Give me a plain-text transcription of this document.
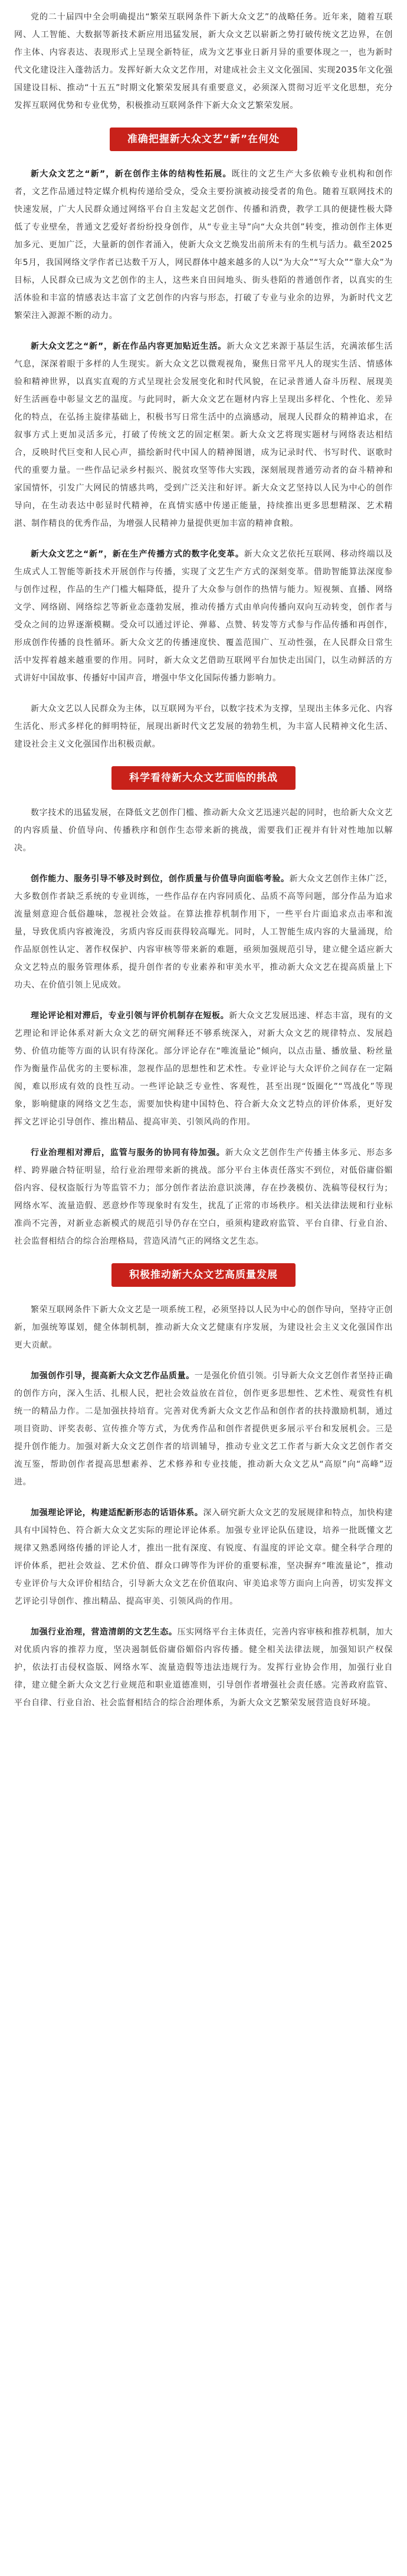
党的二十届四中全会明确提出“繁荣互联网条件下新大众文艺”的战略任务。近年来，随着互联网、人工智能、大数据等新技术新应用迅猛发展，新大众文艺以崭新之势打破传统文艺边界，在创作主体、内容表达、表现形式上呈现全新特征，成为文艺事业日新月异的重要体现之一，也为新时代文化建设注入蓬勃活力。发挥好新大众文艺作用，对建成社会主义文化强国、实现2035年文化强国建设目标、推动“十五五”时期文化繁荣发展具有重要意义，必须深入贯彻习近平文化思想，充分发挥互联网优势和专业优势，积极推动互联网条件下新大众文艺繁荣发展。

准确把握新大众文艺“新”在何处

新大众文艺之“新”，新在创作主体的结构性拓展。既往的文艺生产大多依赖专业机构和创作者，文艺作品通过特定媒介机构传递给受众，受众主要扮演被动接受者的角色。随着互联网技术的快速发展，广大人民群众通过网络平台自主发起文艺创作、传播和消费，教学工具的便捷性极大降低了专业壁垒，普通文艺爱好者纷纷投身创作，从“专业主导”向“大众共创”转变，推动创作主体更加多元、更加广泛，大量新的创作者涌入，使新大众文艺焕发出前所未有的生机与活力。截至2025年5月，我国网络文学作者已达数千万人，网民群体中越来越多的人以“为大众”“写大众”“靠大众”为目标，人民群众已成为文艺创作的主人，这些来自田间地头、街头巷陌的普通创作者，以真实的生活体验和丰富的情感表达丰富了文艺创作的内容与形态，打破了专业与业余的边界，为新时代文艺繁荣注入源源不断的动力。

新大众文艺之“新”，新在作品内容更加贴近生活。新大众文艺来源于基层生活，充满浓郁生活气息，深深着眼于多样的人生现实。新大众文艺以微观视角，聚焦日常平凡人的现实生活、情感体验和精神世界，以真实直观的方式呈现社会发展变化和时代风貌，在记录普通人奋斗历程、展现美好生活画卷中彰显文艺的温度。与此同时，新大众文艺在题材内容上呈现出多样化、个性化、差异化的特点，在弘扬主旋律基础上，积极书写日常生活中的点滴感动，展现人民群众的精神追求，在叙事方式上更加灵活多元，打破了传统文艺的固定框架。新大众文艺将现实题材与网络表达相结合，反映时代巨变和人民心声，描绘新时代中国人的精神图谱，成为记录时代、书写时代、讴歌时代的重要力量。一些作品记录乡村振兴、脱贫攻坚等伟大实践，深刻展现普通劳动者的奋斗精神和家国情怀，引发广大网民的情感共鸣，受到广泛关注和好评。新大众文艺坚持以人民为中心的创作导向，在生动表达中彰显时代精神，在真情实感中传递正能量，持续推出更多思想精深、艺术精湛、制作精良的优秀作品，为增强人民精神力量提供更加丰富的精神食粮。

新大众文艺之“新”，新在生产传播方式的数字化变革。新大众文艺依托互联网、移动终端以及生成式人工智能等新技术开展创作与传播，实现了文艺生产方式的深刻变革。借助智能算法深度参与创作过程，作品的生产门槛大幅降低，提升了大众参与创作的热情与能力。短视频、直播、网络文学、网络剧、网络综艺等新业态蓬勃发展，推动传播方式由单向传播向双向互动转变，创作者与受众之间的边界逐渐模糊。受众可以通过评论、弹幕、点赞、转发等方式参与作品传播和再创作，形成创作传播的良性循环。新大众文艺的传播速度快、覆盖范围广、互动性强，在人民群众日常生活中发挥着越来越重要的作用。同时，新大众文艺借助互联网平台加快走出国门，以生动鲜活的方式讲好中国故事、传播好中国声音，增强中华文化国际传播力影响力。

新大众文艺以人民群众为主体，以互联网为平台，以数字技术为支撑，呈现出主体多元化、内容生活化、形式多样化的鲜明特征，展现出新时代文艺发展的勃勃生机，为丰富人民精神文化生活、建设社会主义文化强国作出积极贡献。

科学看待新大众文艺面临的挑战

数字技术的迅猛发展，在降低文艺创作门槛、推动新大众文艺迅速兴起的同时，也给新大众文艺的内容质量、价值导向、传播秩序和创作生态带来新的挑战，需要我们正视并有针对性地加以解决。

创作能力、服务引导不够及时到位，创作质量与价值导向面临考验。新大众文艺创作主体广泛，大多数创作者缺乏系统的专业训练，一些作品存在内容同质化、品质不高等问题，部分作品为追求流量刻意迎合低俗趣味，忽视社会效益。在算法推荐机制作用下，一些平台片面追求点击率和流量，导致优质内容被淹没，劣质内容反而获得较高曝光。同时，人工智能生成内容的大量涌现，给作品原创性认定、著作权保护、内容审核等带来新的难题，亟须加强规范引导，建立健全适应新大众文艺特点的服务管理体系，提升创作者的专业素养和审美水平，推动新大众文艺在提高质量上下功夫、在价值引领上见成效。

理论评论相对滞后，专业引领与评价机制存在短板。新大众文艺发展迅速、样态丰富，现有的文艺理论和评论体系对新大众文艺的研究阐释还不够系统深入，对新大众文艺的规律特点、发展趋势、价值功能等方面的认识有待深化。部分评论存在“唯流量论”倾向，以点击量、播放量、粉丝量作为衡量作品优劣的主要标准，忽视作品的思想性和艺术性。专业评论与大众评价之间存在一定隔阂，难以形成有效的良性互动。一些评论缺乏专业性、客观性，甚至出现“饭圈化”“骂战化”等现象，影响健康的网络文艺生态，需要加快构建中国特色、符合新大众文艺特点的评价体系，更好发挥文艺评论引导创作、推出精品、提高审美、引领风尚的作用。

行业治理相对滞后，监管与服务的协同有待加强。新大众文艺创作生产传播主体多元、形态多样、跨界融合特征明显，给行业治理带来新的挑战。部分平台主体责任落实不到位，对低俗庸俗媚俗内容、侵权盗版行为等监管不力；部分创作者法治意识淡薄，存在抄袭模仿、洗稿等侵权行为；网络水军、流量造假、恶意炒作等现象时有发生，扰乱了正常的市场秩序。相关法律法规和行业标准尚不完善，对新业态新模式的规范引导仍存在空白，亟须构建政府监管、平台自律、行业自治、社会监督相结合的综合治理格局，营造风清气正的网络文艺生态。

积极推动新大众文艺高质量发展

繁荣互联网条件下新大众文艺是一项系统工程，必须坚持以人民为中心的创作导向，坚持守正创新，加强统筹谋划，健全体制机制，推动新大众文艺健康有序发展，为建设社会主义文化强国作出更大贡献。

加强创作引导，提高新大众文艺作品质量。一是强化价值引领。引导新大众文艺创作者坚持正确的创作方向，深入生活、扎根人民，把社会效益放在首位，创作更多思想性、艺术性、观赏性有机统一的精品力作。二是加强扶持培育。完善对优秀新大众文艺作品和创作者的扶持激励机制，通过项目资助、评奖表彰、宣传推介等方式，为优秀作品和创作者提供更多展示平台和发展机会。三是提升创作能力。加强对新大众文艺创作者的培训辅导，推动专业文艺工作者与新大众文艺创作者交流互鉴，帮助创作者提高思想素养、艺术修养和专业技能，推动新大众文艺从“高原”向“高峰”迈进。

加强理论评论，构建适配新形态的话语体系。深入研究新大众文艺的发展规律和特点，加快构建具有中国特色、符合新大众文艺实际的理论评论体系。加强专业评论队伍建设，培养一批既懂文艺规律又熟悉网络传播的评论人才，推出一批有深度、有锐度、有温度的评论文章。健全科学合理的评价体系，把社会效益、艺术价值、群众口碑等作为评价的重要标准，坚决摒弃“唯流量论”，推动专业评价与大众评价相结合，引导新大众文艺在价值取向、审美追求等方面向上向善，切实发挥文艺评论引导创作、推出精品、提高审美、引领风尚的作用。

加强行业治理，营造清朗的文艺生态。压实网络平台主体责任，完善内容审核和推荐机制，加大对优质内容的推荐力度，坚决遏制低俗庸俗媚俗内容传播。健全相关法律法规，加强知识产权保护，依法打击侵权盗版、网络水军、流量造假等违法违规行为。发挥行业协会作用，加强行业自律，建立健全新大众文艺行业规范和职业道德准则，引导创作者增强社会责任感。完善政府监管、平台自律、行业自治、社会监督相结合的综合治理体系，为新大众文艺繁荣发展营造良好环境。
